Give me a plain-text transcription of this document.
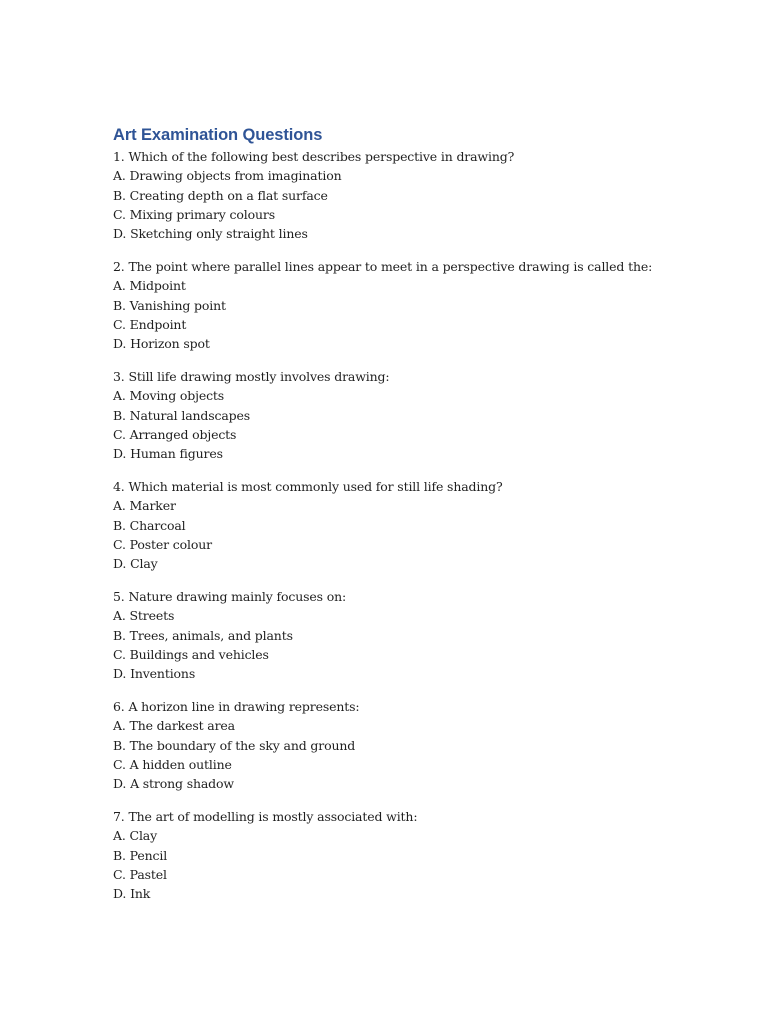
Art Examination Questions
1. Which of the following best describes perspective in drawing?
A. Drawing objects from imagination
B. Creating depth on a flat surface
C. Mixing primary colours
D. Sketching only straight lines
2. The point where parallel lines appear to meet in a perspective drawing is called the:
A. Midpoint
B. Vanishing point
C. Endpoint
D. Horizon spot
3. Still life drawing mostly involves drawing:
A. Moving objects
B. Natural landscapes
C. Arranged objects
D. Human figures
4. Which material is most commonly used for still life shading?
A. Marker
B. Charcoal
C. Poster colour
D. Clay
5. Nature drawing mainly focuses on:
A. Streets
B. Trees, animals, and plants
C. Buildings and vehicles
D. Inventions
6. A horizon line in drawing represents:
A. The darkest area
B. The boundary of the sky and ground
C. A hidden outline
D. A strong shadow
7. The art of modelling is mostly associated with:
A. Clay
B. Pencil
C. Pastel
D. Ink
